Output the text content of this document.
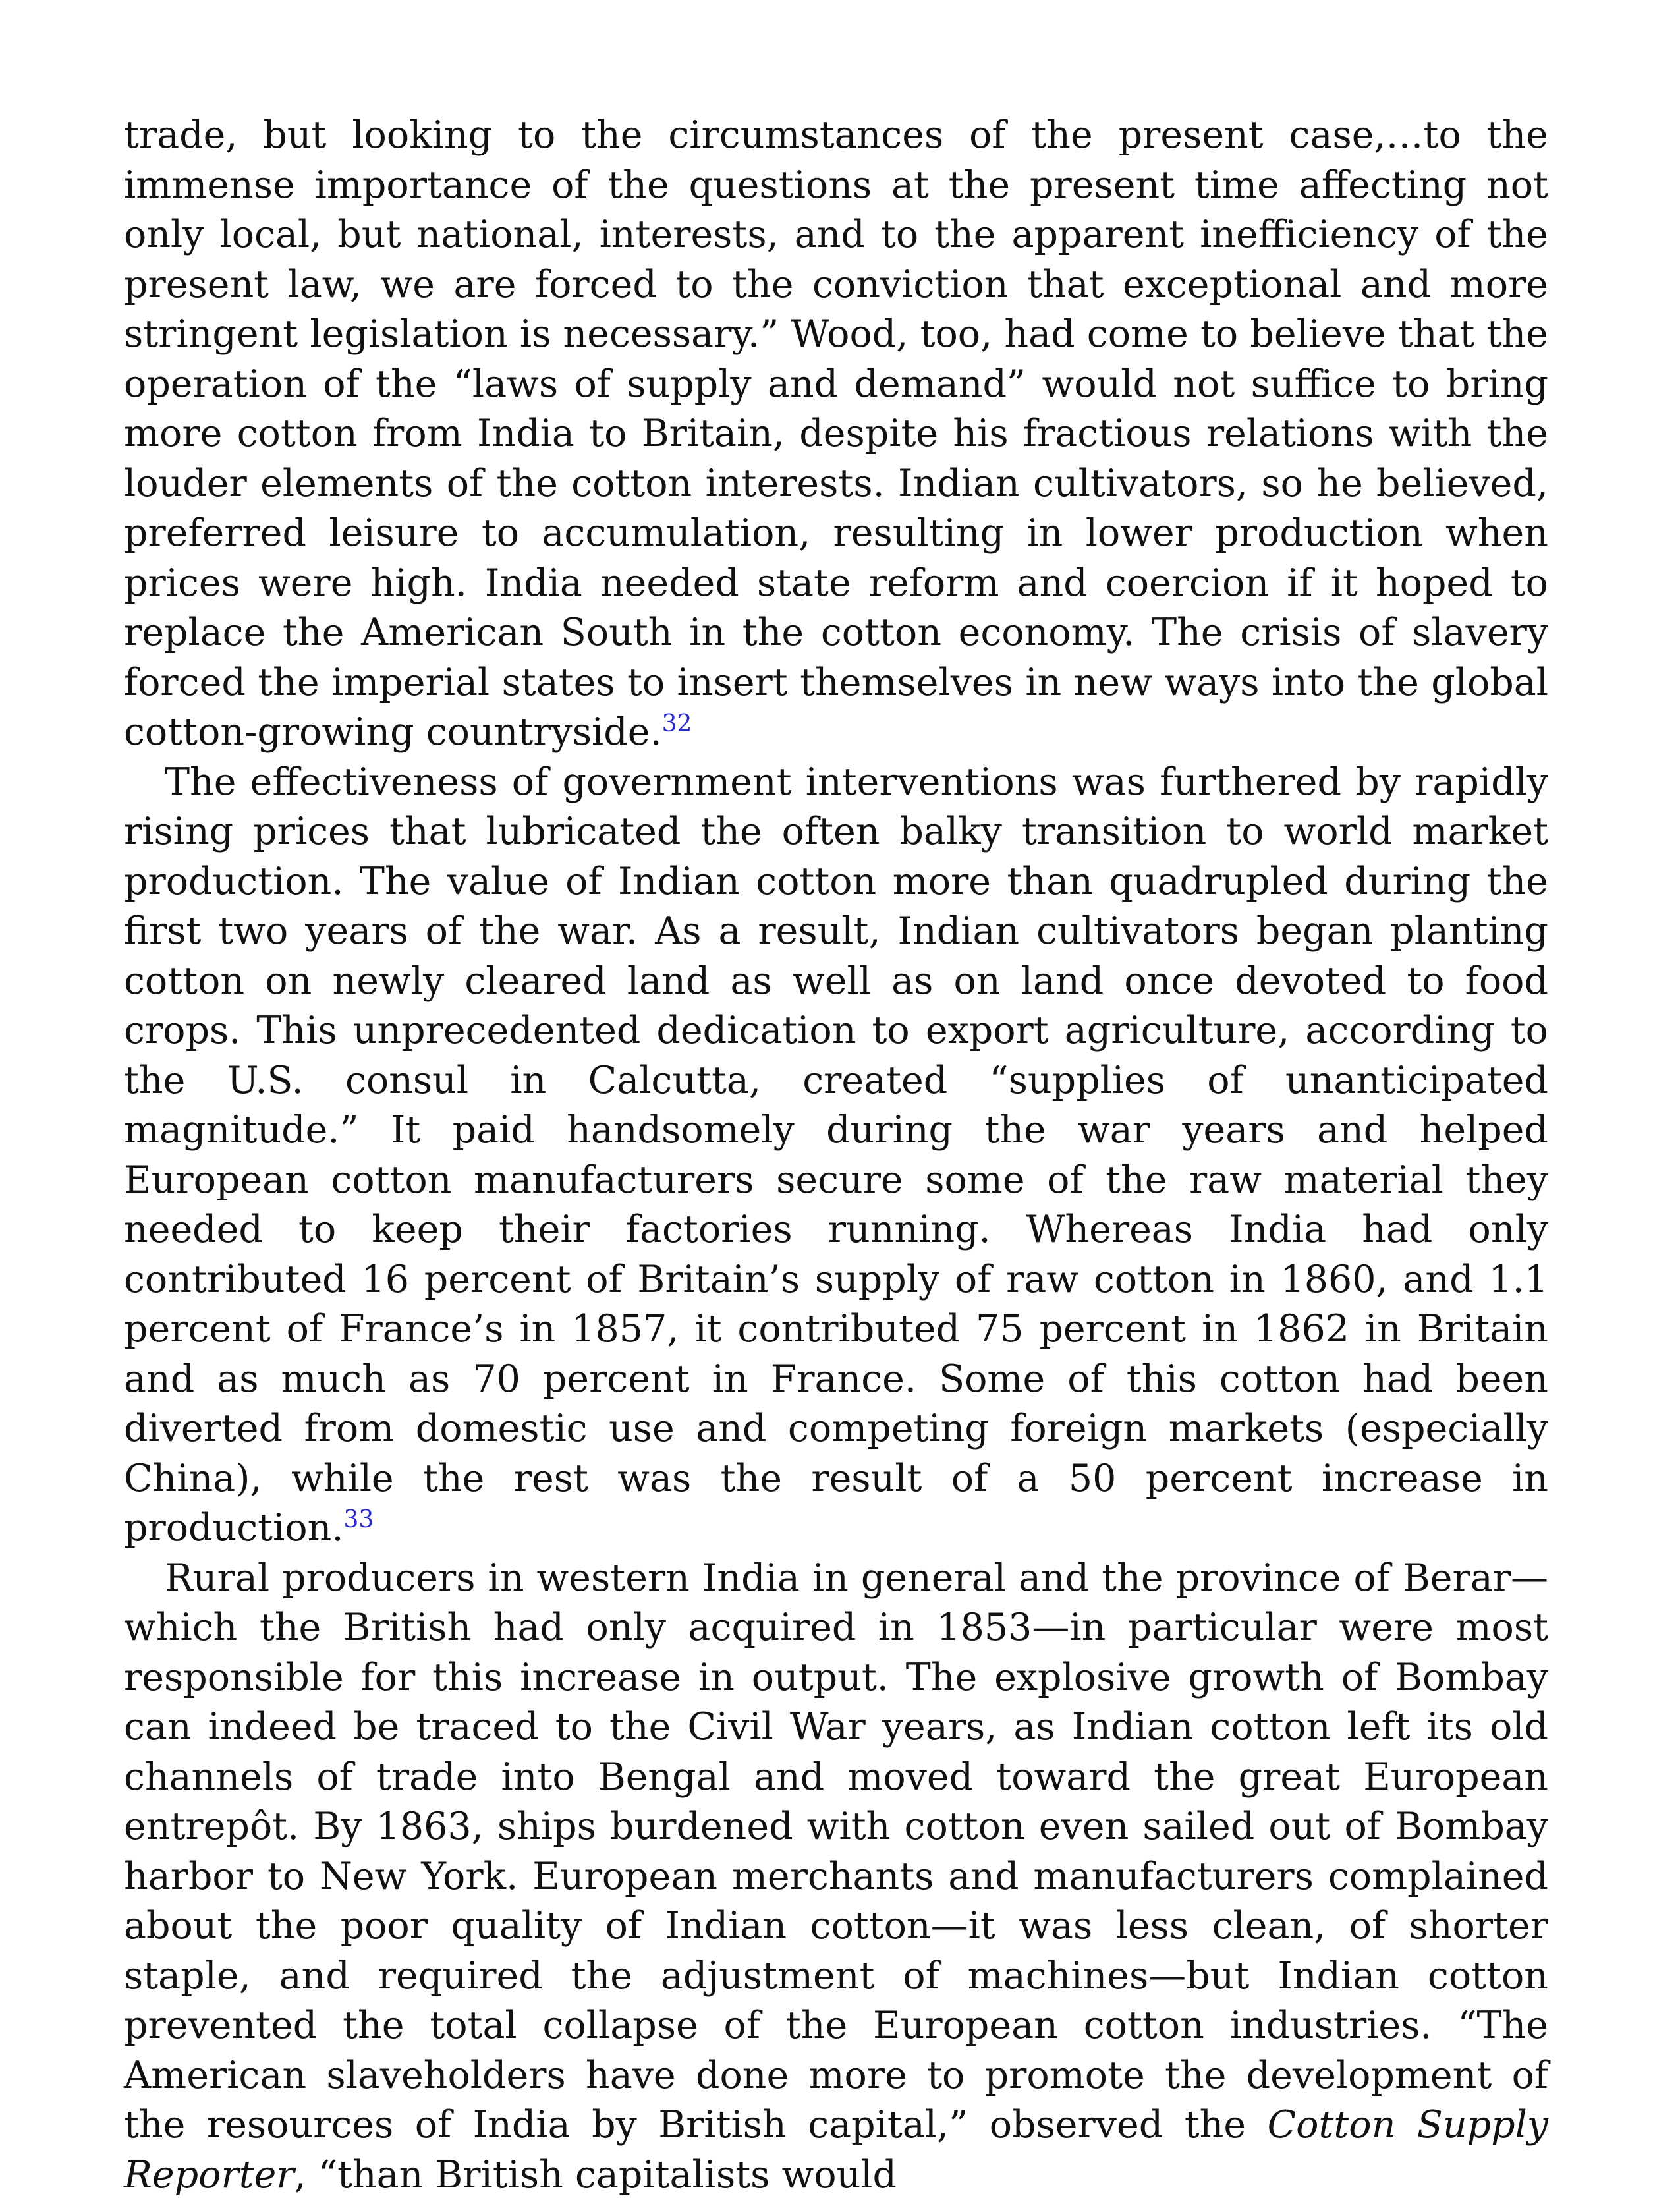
trade, but looking to the circumstances of the present case,…to the immense importance of the questions at the present time affecting not only local, but national, interests, and to the apparent inefficiency of the present law, we are forced to the conviction that exceptional and more stringent legislation is necessary.” Wood, too, had come to believe that the operation of the “laws of supply and demand” would not suffice to bring more cotton from India to Britain, despite his fractious relations with the louder elements of the cotton interests. Indian cultivators, so he believed, preferred leisure to accumulation, resulting in lower production when prices were high. India needed state reform and coercion if it hoped to replace the American South in the cotton economy. The crisis of slavery forced the imperial states to insert themselves in new ways into the global cotton-growing countryside.$^{32}$

The effectiveness of government interventions was furthered by rapidly rising prices that lubricated the often balky transition to world market production. The value of Indian cotton more than quadrupled during the first two years of the war. As a result, Indian cultivators began planting cotton on newly cleared land as well as on land once devoted to food crops. This unprecedented dedication to export agriculture, according to the U.S. consul in Calcutta, created “supplies of unanticipated magnitude.” It paid handsomely during the war years and helped European cotton manufacturers secure some of the raw material they needed to keep their factories running. Whereas India had only contributed 16 percent of Britain’s supply of raw cotton in 1860, and 1.1 percent of France’s in 1857, it contributed 75 percent in 1862 in Britain and as much as 70 percent in France. Some of this cotton had been diverted from domestic use and competing foreign markets (especially China), while the rest was the result of a 50 percent increase in production.$^{33}$

Rural producers in western India in general and the province of Berar—which the British had only acquired in 1853—in particular were most responsible for this increase in output. The explosive growth of Bombay can indeed be traced to the Civil War years, as Indian cotton left its old channels of trade into Bengal and moved toward the great European entrepôt. By 1863, ships burdened with cotton even sailed out of Bombay harbor to New York. European merchants and manufacturers complained about the poor quality of Indian cotton—it was less clean, of shorter staple, and required the adjustment of machines—but Indian cotton prevented the total collapse of the European cotton industries. “The American slaveholders have done more to promote the development of the resources of India by British capital,” observed the Cotton Supply Reporter, “than British capitalists would
